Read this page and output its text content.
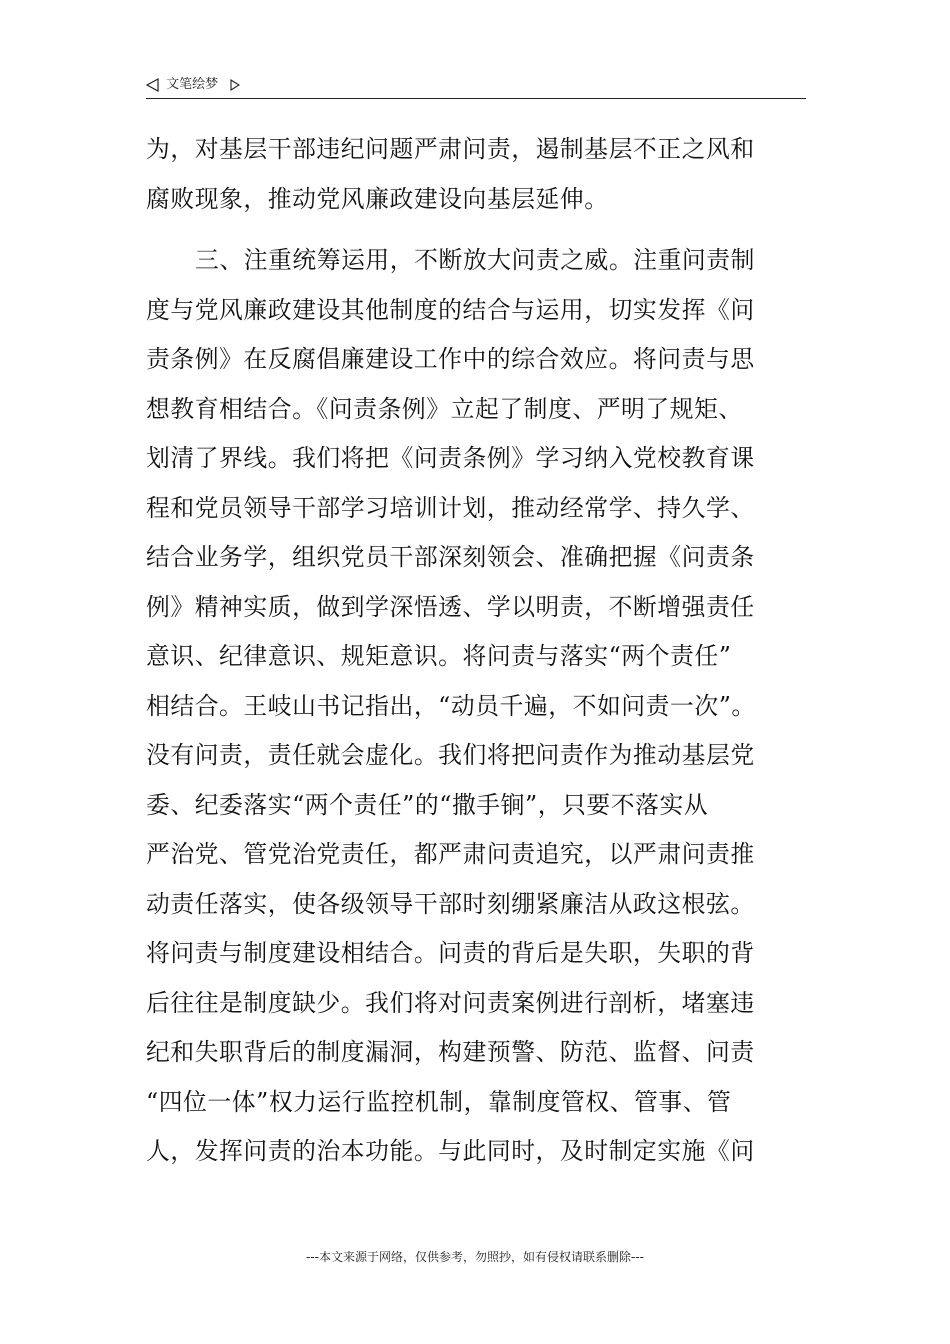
文笔绘梦
为，对基层干部违纪问题严肃问责，遏制基层不正之风和
腐败现象，推动党风廉政建设向基层延伸。
三、注重统筹运用，不断放大问责之威。注重问责制
度与党风廉政建设其他制度的结合与运用，切实发挥《问
责条例》在反腐倡廉建设工作中的综合效应。将问责与思
想教育相结合。《问责条例》立起了制度、严明了规矩、
划清了界线。我们将把《问责条例》学习纳入党校教育课
程和党员领导干部学习培训计划，推动经常学、持久学、
结合业务学，组织党员干部深刻领会、准确把握《问责条
例》精神实质，做到学深悟透、学以明责，不断增强责任
意识、纪律意识、规矩意识。将问责与落实“两个责任”
相结合。王岐山书记指出，“动员千遍，不如问责一次”。
没有问责，责任就会虚化。我们将把问责作为推动基层党
委、纪委落实“两个责任”的“撒手锏”，只要不落实从
严治党、管党治党责任，都严肃问责追究，以严肃问责推
动责任落实，使各级领导干部时刻绷紧廉洁从政这根弦。
将问责与制度建设相结合。问责的背后是失职，失职的背
后往往是制度缺少。我们将对问责案例进行剖析，堵塞违
纪和失职背后的制度漏洞，构建预警、防范、监督、问责
“四位一体”权力运行监控机制，靠制度管权、管事、管
人，发挥问责的治本功能。与此同时，及时制定实施《问
---本文来源于网络，仅供参考，勿照抄，如有侵权请联系删除---
